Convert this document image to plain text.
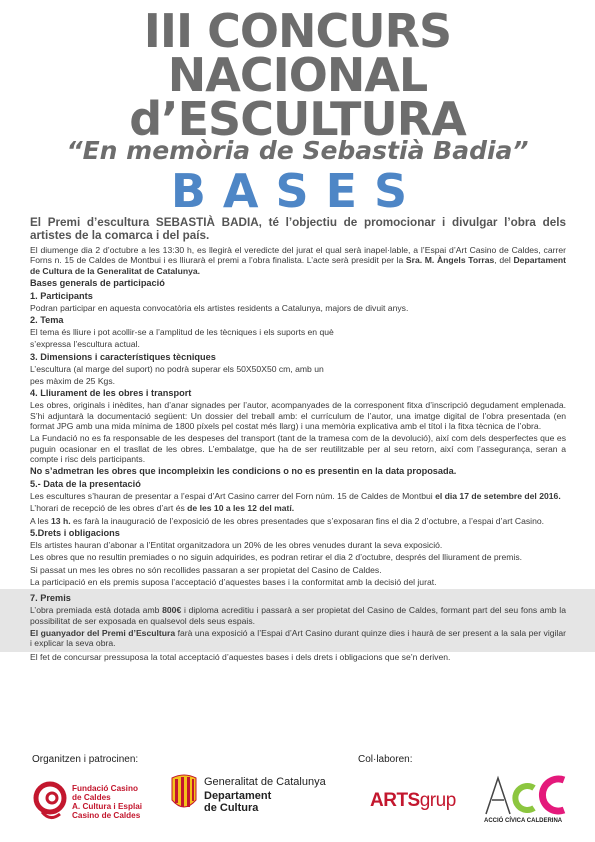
III CONCURS
NACIONAL
d’ESCULTURA
“En memòria de Sebastià Badia”
BASES

El Premi d’escultura SEBASTIÀ BADIA, té l’objectiu de promocionar i divulgar l’obra dels artistes de la comarca i del país.

El diumenge dia 2 d’octubre a les 13:30 h, es llegirà el veredicte del jurat el qual serà inapel·lable, a l’Espai d’Art Casino de Caldes, carrer Forns n. 15 de Caldes de Montbui i es lliurarà el premi a l’obra finalista. L’acte serà presidit per la Sra. M. Àngels Torras, del Departament de Cultura de la Generalitat de Catalunya.

Bases generals de participació
1. Participants

Podran participar en aquesta convocatòria els artistes residents a Catalunya, majors de divuit anys.

2. Tema

El tema és lliure i pot acollir-se a l’amplitud de les tècniques i els suports en què

s’expressa l’escultura actual.

3. Dimensions i característiques tècniques

L’escultura (al marge del suport) no podrà superar els 50X50X50 cm, amb un

pes màxim de 25 Kgs.

4. Lliurament de les obres i transport

Les obres, originals i inèdites, han d’anar signades per l’autor, acompanyades de la corresponent fitxa d’inscripció degudament emplenada. S’hi adjuntarà la documentació següent: Un dossier del treball amb: el currículum de l’autor, una imatge digital de l’obra presentada (en format JPG amb una mida mínima de 1800 píxels pel costat més llarg) i una memòria explicativa amb el títol i la fitxa tècnica de l’obra.

La Fundació no es fa responsable de les despeses del transport (tant de la tramesa com de la devolució), així com dels desperfectes que es puguin ocasionar en el trasllat de les obres. L’embalatge, que ha de ser reutilitzable per al seu retorn, així com l’assegurança, seran a compte i risc dels participants.

No s’admetran les obres que incompleixin les condicions o no es presentin en la data proposada.
5.- Data de la presentació

Les escultures s’hauran de presentar a l’espai d’Art Casino carrer del Forn núm. 15 de Caldes de Montbui el dia 17 de setembre del 2016.

L’horari de recepció de les obres d’art és de les 10 a les 12 del matí.

A les 13 h. es farà la inauguració de l’exposició de les obres presentades que s’exposaran fins el dia 2 d’octubre, a l’espai d’art Casino.

5.Drets i obligacions

Els artistes hauran d’abonar a l’Entitat organitzadora un 20% de les obres venudes durant la seva exposició.

Les obres que no resultin premiades o no siguin adquirides, es podran retirar el dia 2 d’octubre, després del lliurament de premis.

Si passat un mes les obres no són recollides passaran a ser propietat del Casino de Caldes.

La participació en els premis suposa l’acceptació d’aquestes bases i la conformitat amb la decisió del jurat.

7. Premis

L’obra premiada està dotada amb 800€ i diploma acreditiu i passarà a ser propietat del Casino de Caldes, formant part del seu fons amb la possibilitat de ser exposada en qualsevol dels seus espais.

El guanyador del Premi d’Escultura farà una exposició a l’Espai d’Art Casino durant quinze dies i haurà de ser present a la sala per vigilar i explicar la seva obra.

El fet de concursar pressuposa la total acceptació d’aquestes bases i dels drets i obligacions que se’n deriven.

Organitzen i patrocinen:	Col·laboren:
Fundació Casino
de Caldes
A. Cultura i Esplai
Casino de Caldes
Generalitat de Catalunya
Departament
de Cultura	ARTSgrup
ACCIÓ CÍVICA CALDERINA
